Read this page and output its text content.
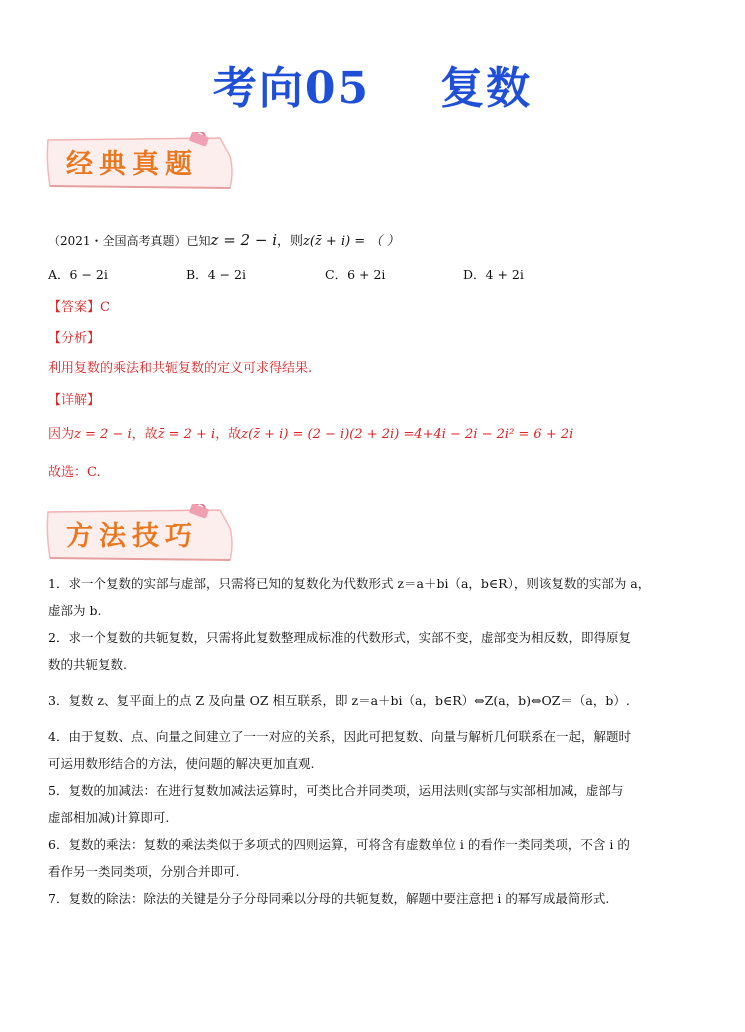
考向05 复数
经典真题
（2021・全国高考真题）已知z = 2 − i，则z(z̄ + i) = （ ）
A．6 − 2i	B．4 − 2i	C．6 + 2i	D．4 + 2i
【答案】C
【分析】
利用复数的乘法和共轭复数的定义可求得结果.
【详解】
因为z = 2 − i，故z̄ = 2 + i，故z(z̄ + i) = (2 − i)(2 + 2i) =4+4i − 2i − 2i² = 6 + 2i
故选：C.
方法技巧

1．求一个复数的实部与虚部，只需将已知的复数化为代数形式 z＝a＋bi（a，b∈R），则该复数的实部为 a，

虚部为 b.

2．求一个复数的共轭复数，只需将此复数整理成标准的代数形式，实部不变，虚部变为相反数，即得原复

数的共轭复数.

3．复数 z、复平面上的点 Z 及向量 OZ 相互联系，即 z＝a＋bi（a，b∈R）⇔Z(a，b)⇔OZ＝（a，b）.

4．由于复数、点、向量之间建立了一一对应的关系，因此可把复数、向量与解析几何联系在一起，解题时

可运用数形结合的方法，使问题的解决更加直观.

5．复数的加减法：在进行复数加减法运算时，可类比合并同类项，运用法则(实部与实部相加减，虚部与

虚部相加减)计算即可.

6．复数的乘法：复数的乘法类似于多项式的四则运算，可将含有虚数单位 i 的看作一类同类项，不含 i 的

看作另一类同类项，分别合并即可.

7．复数的除法：除法的关键是分子分母同乘以分母的共轭复数，解题中要注意把 i 的幂写成最简形式.
